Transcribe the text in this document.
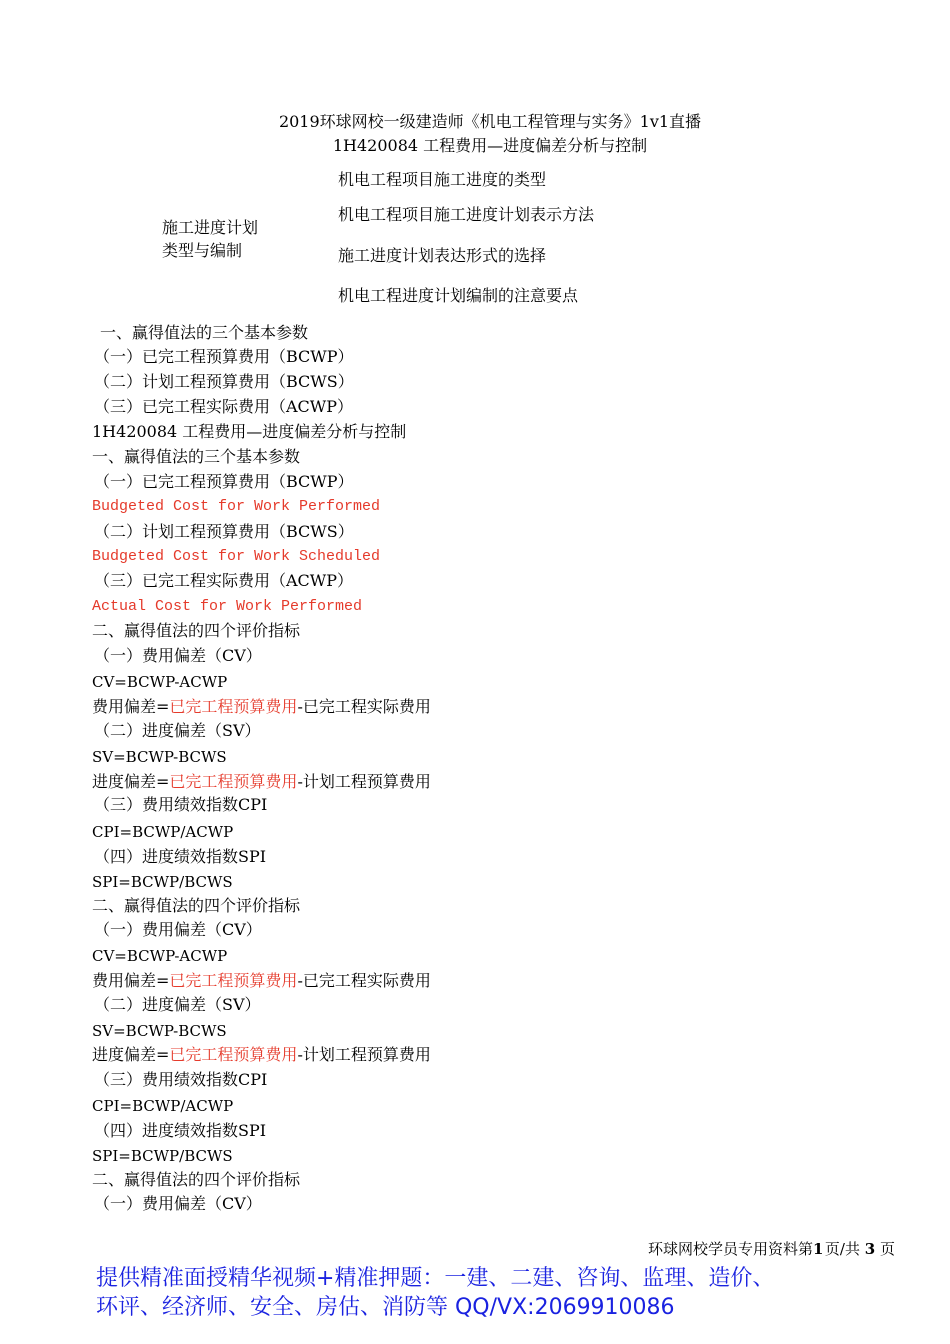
2019环球网校一级建造师《机电工程管理与实务》1v1直播
1H420084 工程费用—进度偏差分析与控制
施工进度计划
类型与编制
机电工程项目施工进度的类型
机电工程项目施工进度计划表示方法
施工进度计划表达形式的选择
机电工程进度计划编制的注意要点
一、赢得值法的三个基本参数
（一）已完工程预算费用（BCWP）
（二）计划工程预算费用（BCWS）
（三）已完工程实际费用（ACWP）
1H420084 工程费用—进度偏差分析与控制
一、赢得值法的三个基本参数
（一）已完工程预算费用（BCWP）
Budgeted Cost for Work Performed
（二）计划工程预算费用（BCWS）
Budgeted Cost for Work Scheduled
（三）已完工程实际费用（ACWP）
Actual Cost for Work Performed
二、赢得值法的四个评价指标
（一）费用偏差（CV）
CV=BCWP-ACWP
费用偏差=已完工程预算费用-已完工程实际费用
（二）进度偏差（SV）
SV=BCWP-BCWS
进度偏差=已完工程预算费用-计划工程预算费用
（三）费用绩效指数CPI
CPI=BCWP/ACWP
（四）进度绩效指数SPI
SPI=BCWP/BCWS
二、赢得值法的四个评价指标
（一）费用偏差（CV）
CV=BCWP-ACWP
费用偏差=已完工程预算费用-已完工程实际费用
（二）进度偏差（SV）
SV=BCWP-BCWS
进度偏差=已完工程预算费用-计划工程预算费用
（三）费用绩效指数CPI
CPI=BCWP/ACWP
（四）进度绩效指数SPI
SPI=BCWP/BCWS
二、赢得值法的四个评价指标
（一）费用偏差（CV）
环球网校学员专用资料第1  页/共 3 页
提供精准面授精华视频+精准押题：一建、二建、咨询、监理、造价、
环评、经济师、安全、房估、消防等 QQ/VX:2069910086
